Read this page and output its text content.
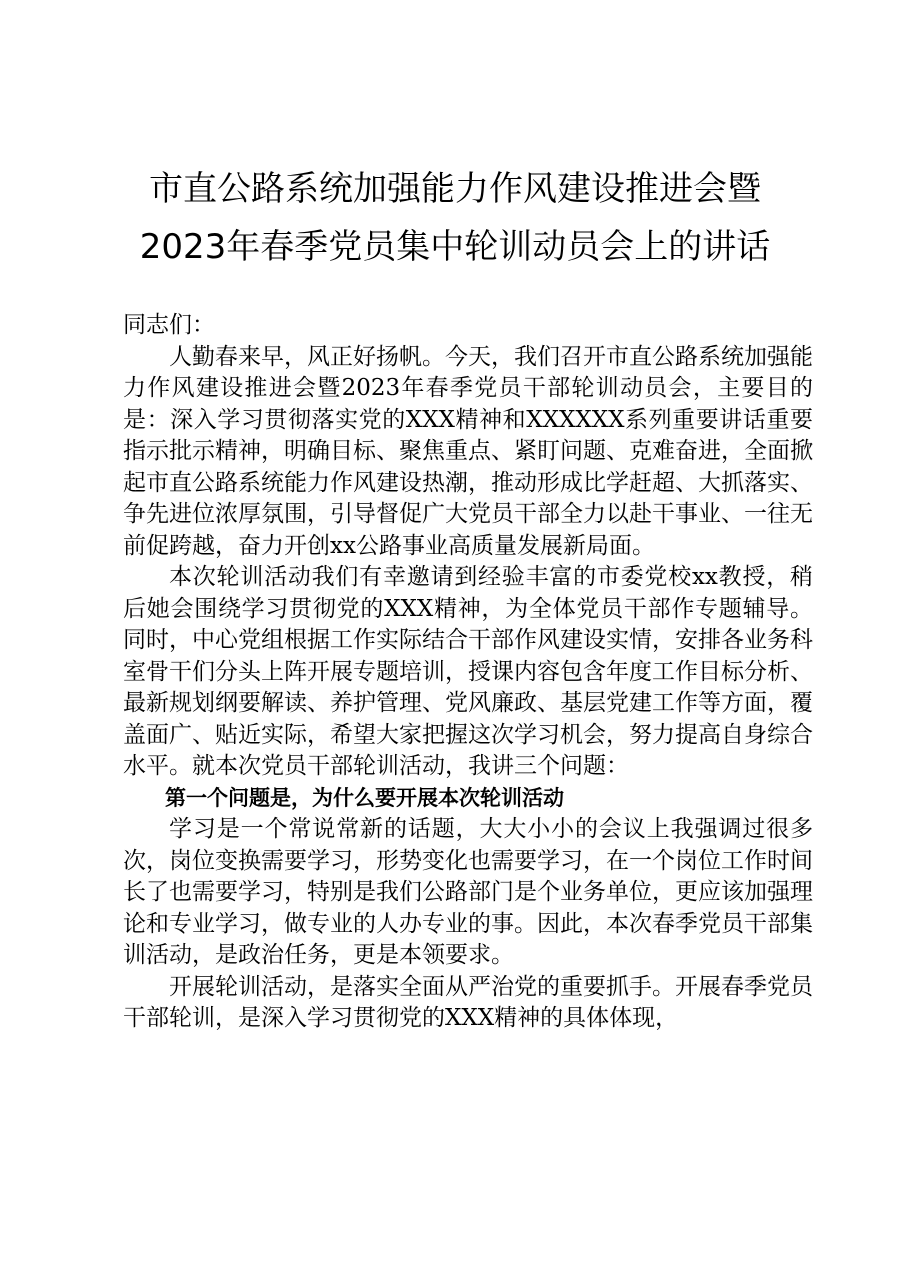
市直公路系统加强能力作风建设推进会暨2023年春季党员集中轮训动员会上的讲话

同志们：

人勤春来早，风正好扬帆。今天，我们召开市直公路系统加强能力作风建设推进会暨2023年春季党员干部轮训动员会，主要目的是：深入学习贯彻落实党的XXX精神和XXXXXX系列重要讲话重要指示批示精神，明确目标、聚焦重点、紧盯问题、克难奋进，全面掀起市直公路系统能力作风建设热潮，推动形成比学赶超、大抓落实、争先进位浓厚氛围，引导督促广大党员干部全力以赴干事业、一往无前促跨越，奋力开创xx公路事业高质量发展新局面。

本次轮训活动我们有幸邀请到经验丰富的市委党校xx教授，稍后她会围绕学习贯彻党的XXX精神，为全体党员干部作专题辅导。同时，中心党组根据工作实际结合干部作风建设实情，安排各业务科室骨干们分头上阵开展专题培训，授课内容包含年度工作目标分析、最新规划纲要解读、养护管理、党风廉政、基层党建工作等方面，覆盖面广、贴近实际，希望大家把握这次学习机会，努力提高自身综合水平。就本次党员干部轮训活动，我讲三个问题：

第一个问题是，为什么要开展本次轮训活动

学习是一个常说常新的话题，大大小小的会议上我强调过很多次，岗位变换需要学习，形势变化也需要学习，在一个岗位工作时间长了也需要学习，特别是我们公路部门是个业务单位，更应该加强理论和专业学习，做专业的人办专业的事。因此，本次春季党员干部集训活动，是政治任务，更是本领要求。

开展轮训活动，是落实全面从严治党的重要抓手。开展春季党员干部轮训，是深入学习贯彻党的XXX精神的具体体现，
